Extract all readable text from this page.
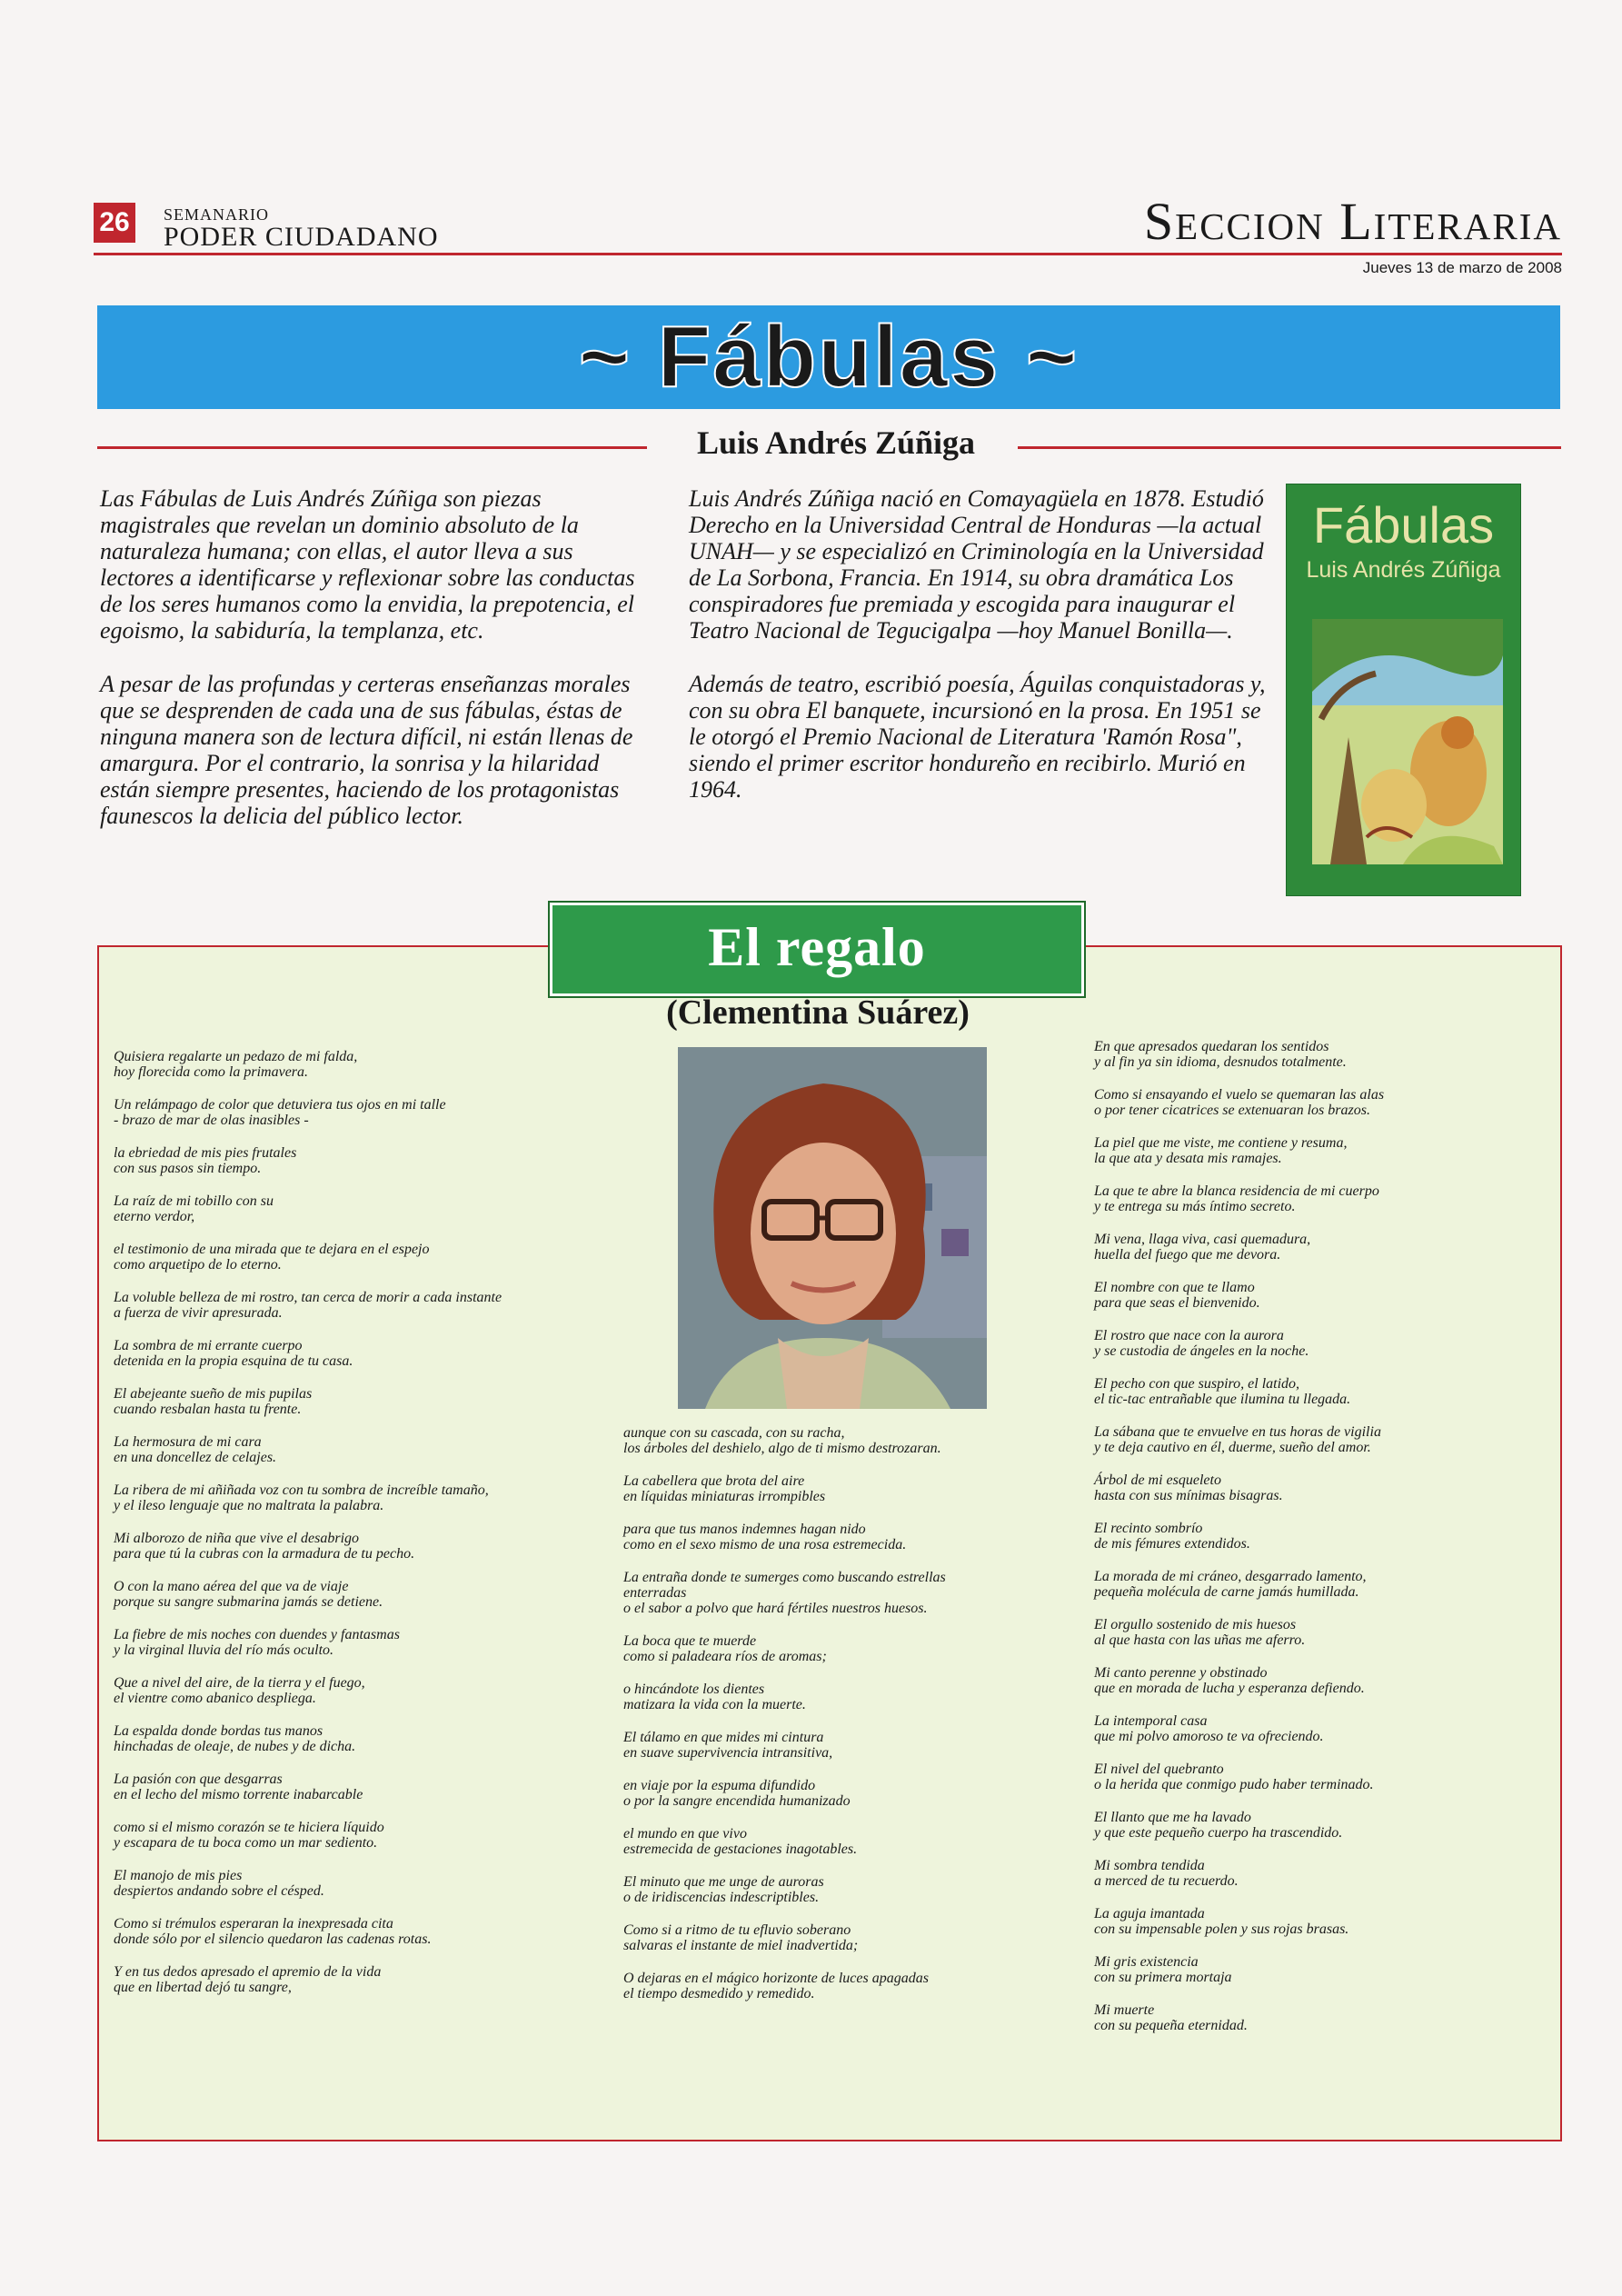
26	SEMANARIO
PODER CIUDADANO	Seccion Literaria
Jueves 13 de marzo de 2008
~ Fábulas ~
Luis Andrés Zúñiga

Las Fábulas de Luis Andrés Zúñiga son piezas magistrales que revelan un dominio absoluto de la naturaleza humana; con ellas, el autor lleva a sus lectores a identificarse y reflexionar sobre las conductas de los seres humanos como la envidia, la prepotencia, el egoismo, la sabiduría, la templanza, etc.

A pesar de las profundas y certeras enseñanzas morales que se desprenden de cada una de sus fábulas, éstas de ninguna manera son de lectura difícil, ni están llenas de amargura. Por el contrario, la sonrisa y la hilaridad están siempre presentes, haciendo de los protagonistas faunescos la delicia del público lector.

Luis Andrés Zúñiga nació en Comayagüela en 1878. Estudió Derecho en la Universidad Central de Honduras —la actual UNAH— y se especializó en Criminología en la Universidad de La Sorbona, Francia. En 1914, su obra dramática Los conspiradores fue premiada y escogida para inaugurar el Teatro Nacional de Tegucigalpa —hoy Manuel Bonilla—.

Además de teatro, escribió poesía, Águilas conquistadoras y, con su obra El banquete, incursionó en la prosa. En 1951 se le otorgó el Premio Nacional de Literatura 'Ramón Rosa", siendo el primer escritor hondureño en recibirlo. Murió en 1964.

Fábulas
Luis Andrés Zúñiga
El regalo
(Clementina Suárez)

Quisiera regalarte un pedazo de mi falda,
hoy florecida como la primavera.

Un relámpago de color que detuviera tus ojos en mi talle
- brazo de mar de olas inasibles -

la ebriedad de mis pies frutales
con sus pasos sin tiempo.

La raíz de mi tobillo con su
eterno verdor,

el testimonio de una mirada que te dejara en el espejo
como arquetipo de lo eterno.

La voluble belleza de mi rostro, tan cerca de morir a cada instante
a fuerza de vivir apresurada.

La sombra de mi errante cuerpo
detenida en la propia esquina de tu casa.

El abejeante sueño de mis pupilas
cuando resbalan hasta tu frente.

La hermosura de mi cara
en una doncellez de celajes.

La ribera de mi añiñada voz con tu sombra de increíble tamaño,
y el ileso lenguaje que no maltrata la palabra.

Mi alborozo de niña que vive el desabrigo
para que tú la cubras con la armadura de tu pecho.

O con la mano aérea del que va de viaje
porque su sangre submarina jamás se detiene.

La fiebre de mis noches con duendes y fantasmas
y la virginal lluvia del río más oculto.

Que a nivel del aire, de la tierra y el fuego,
el vientre como abanico despliega.

La espalda donde bordas tus manos
hinchadas de oleaje, de nubes y de dicha.

La pasión con que desgarras
en el lecho del mismo torrente inabarcable

como si el mismo corazón se te hiciera líquido
y escapara de tu boca como un mar sediento.

El manojo de mis pies
despiertos andando sobre el césped.

Como si trémulos esperaran la inexpresada cita
donde sólo por el silencio quedaron las cadenas rotas.

Y en tus dedos apresado el apremio de la vida
que en libertad dejó tu sangre,

aunque con su cascada, con su racha,
los árboles del deshielo, algo de ti mismo destrozaran.

La cabellera que brota del aire
en líquidas miniaturas irrompibles

para que tus manos indemnes hagan nido
como en el sexo mismo de una rosa estremecida.

La entraña donde te sumerges como buscando estrellas
enterradas
o el sabor a polvo que hará fértiles nuestros huesos.

La boca que te muerde
como si paladeara ríos de aromas;

o hincándote los dientes
matizara la vida con la muerte.

El tálamo en que mides mi cintura
en suave supervivencia intransitiva,

en viaje por la espuma difundido
o por la sangre encendida humanizado

el mundo en que vivo
estremecida de gestaciones inagotables.

El minuto que me unge de auroras
o de iridiscencias indescriptibles.

Como si a ritmo de tu efluvio soberano
salvaras el instante de miel inadvertida;

O dejaras en el mágico horizonte de luces apagadas
el tiempo desmedido y remedido.

En que apresados quedaran los sentidos
y al fin ya sin idioma, desnudos totalmente.

Como si ensayando el vuelo se quemaran las alas
o por tener cicatrices se extenuaran los brazos.

La piel que me viste, me contiene y resuma,
la que ata y desata mis ramajes.

La que te abre la blanca residencia de mi cuerpo
y te entrega su más íntimo secreto.

Mi vena, llaga viva, casi quemadura,
huella del fuego que me devora.

El nombre con que te llamo
para que seas el bienvenido.

El rostro que nace con la aurora
y se custodia de ángeles en la noche.

El pecho con que suspiro, el latido,
el tic-tac entrañable que ilumina tu llegada.

La sábana que te envuelve en tus horas de vigilia
y te deja cautivo en él, duerme, sueño del amor.

Árbol de mi esqueleto
hasta con sus mínimas bisagras.

El recinto sombrío
de mis fémures extendidos.

La morada de mi cráneo, desgarrado lamento,
pequeña molécula de carne jamás humillada.

El orgullo sostenido de mis huesos
al que hasta con las uñas me aferro.

Mi canto perenne y obstinado
que en morada de lucha y esperanza defiendo.

La intemporal casa
que mi polvo amoroso te va ofreciendo.

El nivel del quebranto
o la herida que conmigo pudo haber terminado.

El llanto que me ha lavado
y que este pequeño cuerpo ha trascendido.

Mi sombra tendida
a merced de tu recuerdo.

La aguja imantada
con su impensable polen y sus rojas brasas.

Mi gris existencia
con su primera mortaja

Mi muerte
con su pequeña eternidad.
